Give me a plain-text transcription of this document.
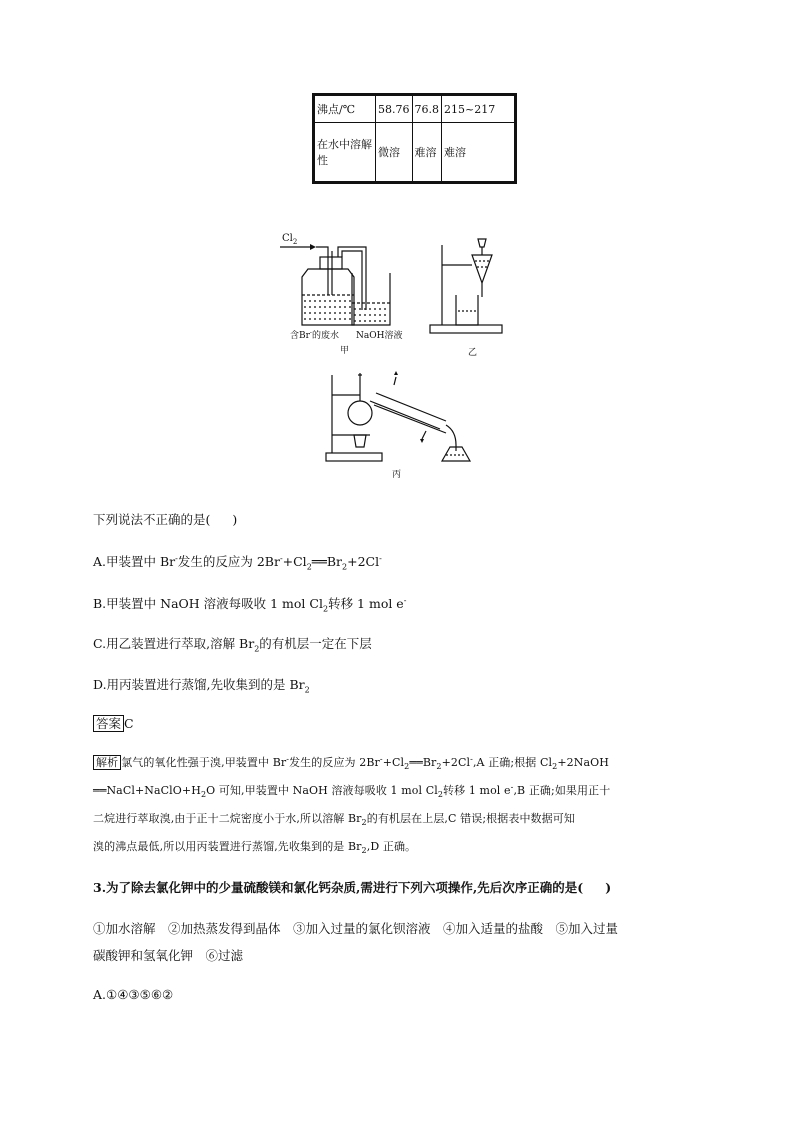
沸点/℃	58.76	76.8	215~217
在水中溶解性	微溶	难溶	难溶
$Cl_2$
含Br-的废水 NaOH溶液
甲	乙
丙
下列说法不正确的是( )
A.甲装置中 Br-发生的反应为 $2Br^-+Cl_2══Br_2+2Cl^-$
B.甲装置中 NaOH 溶液每吸收 1 mol $Cl_2$转移 1 mol e-
C.用乙装置进行萃取,溶解 $Br_2$的有机层一定在下层
D.用丙装置进行蒸馏,先收集到的是 $Br_2$
答案 C
解析 氯气的氧化性强于溴,甲装置中 Br-发生的反应为 $2Br^-+Cl_2══Br_2+2Cl^-,A$ 正确;根据 $Cl_2+2NaOH$
$══NaCl+NaClO+H_2O$ 可知,甲装置中 NaOH 溶液每吸收 1 mol $Cl_2$转移 1 mol e-,B 正确;如果用正十
二烷进行萃取溴,由于正十二烷密度小于水,所以溶解 $Br_2$的有机层在上层,C 错误;根据表中数据可知
溴的沸点最低,所以用丙装置进行蒸馏,先收集到的是 $Br_2,D$ 正确。
3.为了除去氯化钾中的少量硫酸镁和氯化钙杂质,需进行下列六项操作,先后次序正确的是( )
①加水溶解　②加热蒸发得到晶体　③加入过量的氯化钡溶液　④加入适量的盐酸　⑤加入过量
碳酸钾和氢氧化钾　⑥过滤
A.①④③⑤⑥②
